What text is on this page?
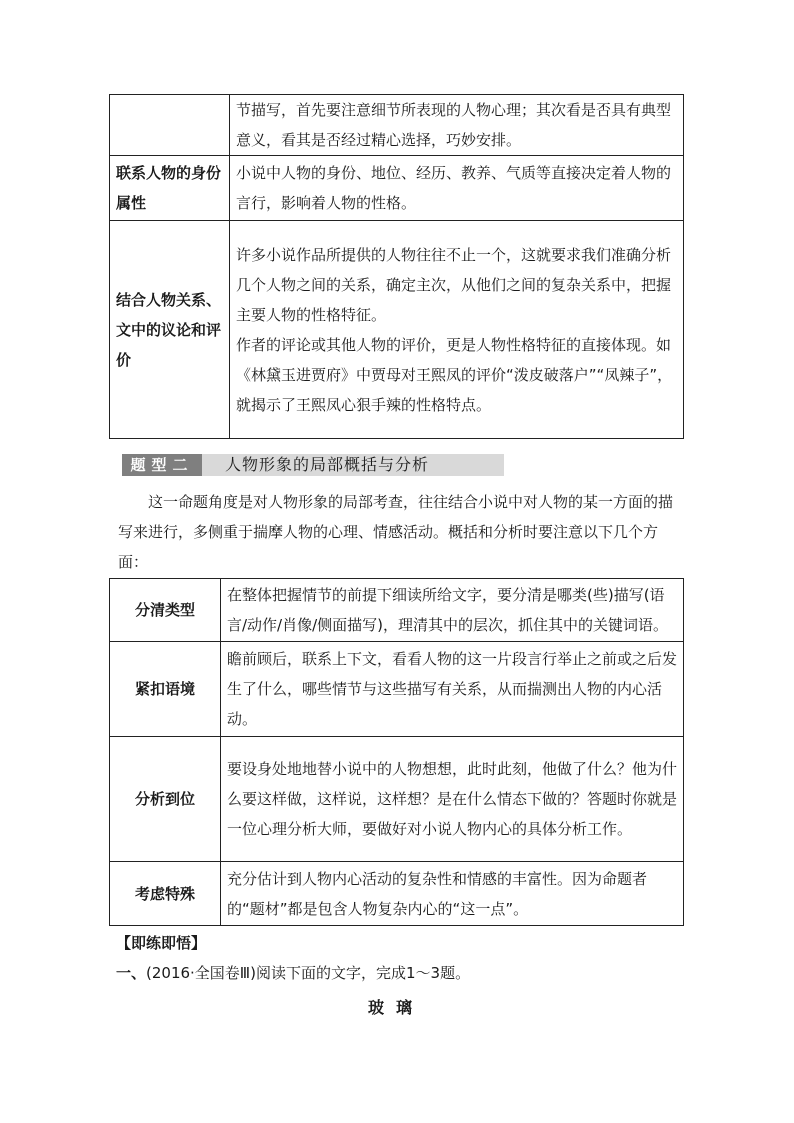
	节描写，首先要注意细节所表现的人物心理；其次看是否具有典型意义，看其是否经过精心选择，巧妙安排。

联系人物的身份属性	小说中人物的身份、地位、经历、教养、气质等直接决定着人物的言行，影响着人物的性格。

结合人物关系、文中的议论和评价	许多小说作品所提供的人物往往不止一个，这就要求我们准确分析几个人物之间的关系，确定主次，从他们之间的复杂关系中，把握主要人物的性格特征。

作者的评论或其他人物的评价，更是人物性格特征的直接体现。如《林黛玉进贾府》中贾母对王熙凤的评价“泼皮破落户”“凤辣子”，就揭示了王熙凤心狠手辣的性格特点。

题型二	人物形象的局部概括与分析

这一命题角度是对人物形象的局部考查，往往结合小说中对人物的某一方面的描写来进行，多侧重于揣摩人物的心理、情感活动。概括和分析时要注意以下几个方面：

分清类型	在整体把握情节的前提下细读所给文字，要分清是哪类(些)描写(语言/动作/肖像/侧面描写)，理清其中的层次，抓住其中的关键词语。
紧扣语境	瞻前顾后，联系上下文，看看人物的这一片段言行举止之前或之后发生了什么，哪些情节与这些描写有关系，从而揣测出人物的内心活动。
分析到位	要设身处地地替小说中的人物想想，此时此刻，他做了什么？他为什么要这样做，这样说，这样想？是在什么情态下做的？答题时你就是一位心理分析大师，要做好对小说人物内心的具体分析工作。
考虑特殊	充分估计到人物内心活动的复杂性和情感的丰富性。因为命题者的“题材”都是包含人物复杂内心的“这一点”。
【即练即悟】
一、(2016·全国卷Ⅲ)阅读下面的文字，完成1～3题。
玻璃
